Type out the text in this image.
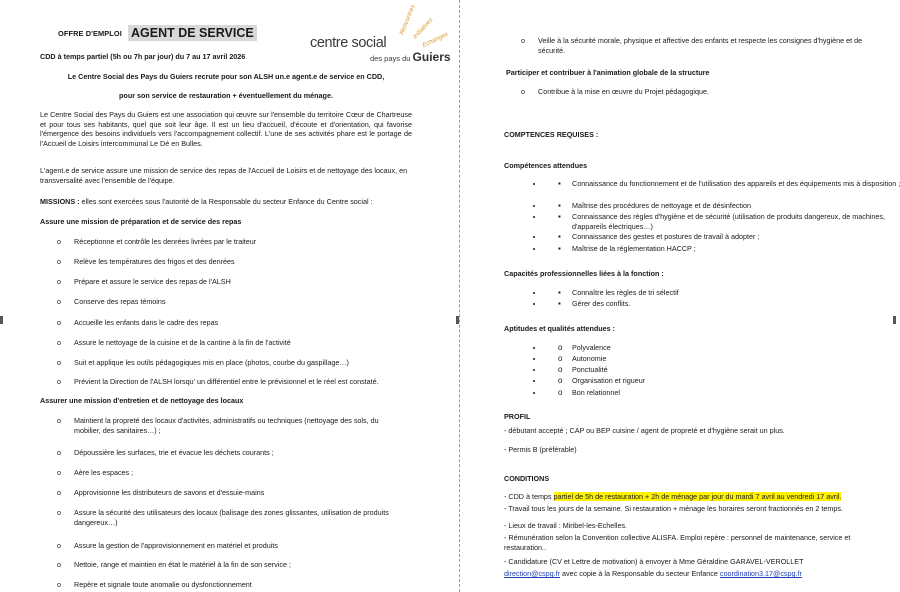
OFFRE D'EMPLOI AGENT DE SERVICE
centre social
des pays du Guiers
Rencontres
Initiatives
Échanges

CDD à temps partiel (5h ou 7h par jour) du 7 au 17 avril 2026

Le Centre Social des Pays du Guiers recrute pour son ALSH un.e agent.e de service en CDD,

pour son service de restauration + éventuellement du ménage.

Le Centre Social des Pays du Guiers est une association qui œuvre sur l'ensemble du territoire Cœur de Chartreuse et pour tous ses habitants, quel que soit leur âge. Il est un lieu d'accueil, d'écoute et d'orientation, qui favorise l'émergence des besoins individuels vers l'accompagnement collectif. L'une de ses activités phare est le portage de l'Accueil de Loisirs intercommunal Le Dé en Bulles.

L'agent.e de service assure une mission de service des repas de l'Accueil de Loisirs et de nettoyage des locaux, en transversalité avec l'ensemble de l'équipe.

MISSIONS : elles sont exercées sous l'autorité de la Responsable du secteur Enfance du Centre social :

Assure une mission de préparation et de service des repas

o Réceptionne et contrôle les denrées livrées par le traiteur
o Relève les températures des frigos et des denrées
o Prépare et assure le service des repas de l'ALSH
o Conserve des repas témoins
o Accueille les enfants dans le cadre des repas
o Assure le nettoyage de la cuisine et de la cantine à la fin de l'activité
o Suit et applique les outils pédagogiques mis en place (photos, courbe du gaspillage…)
o Prévient la Direction de l'ALSH lorsqu' un différentiel entre le prévisionnel et le réel est constaté.

Assurer une mission d'entretien et de nettoyage des locaux

o Maintient la propreté des locaux d'activités, administratifs ou techniques (nettoyage des sols, du mobilier, des sanitaires…) ;
o Dépoussière les surfaces, trie et évacue les déchets courants ;
o Aère les espaces ;
o Approvisionne les distributeurs de savons et d'essuie-mains
o Assure la sécurité des utilisateurs des locaux (balisage des zones glissantes, utilisation de produits dangereux…)
o Assure la gestion de l'approvisionnement en matériel et produits
o Nettoie, range et maintien en état le matériel à la fin de son service ;
o Repère et signale toute anomalie ou dysfonctionnement
o Veille à la sécurité morale, physique et affective des enfants et respecte les consignes d'hygiène et de sécurité.

Participer et contribuer à l'animation globale de la structure

o Contribue à la mise en œuvre du Projet pédagogique.

COMPTENCES REQUISES :

Compétences attendues

• ▪ Connaissance du fonctionnement et de l'utilisation des appareils et des équipements mis à disposition ;
• ▪ Maîtrise des procédures de nettoyage et de désinfection
• ▪ Connaissance des règles d'hygiène et de sécurité (utilisation de produits dangereux, de machines, d'appareils électriques…)
• ▪ Connaissance des gestes et postures de travail à adopter ;
• ▪ Maîtrise de la réglementation HACCP ;

Capacités professionnelles liées à la fonction :

• ▪ Connaître les règles de tri sélectif
• ▪ Gérer des conflits.

Aptitudes et qualités attendues :

• o Polyvalence
• o Autonomie
• o Ponctualité
• o Organisation et rigueur
• o Bon relationnel

PROFIL

- débutant accepté ; CAP ou BEP cuisine / agent de propreté et d'hygiène serait un plus.

- Permis B (préférable)

CONDITIONS

- CDD à temps partiel de 5h de restauration + 2h de ménage par jour du mardi 7 avril au vendredi 17 avril.

- Travail tous les jours de la semaine. Si restauration + ménage les horaires seront fractionnés en 2 temps.

- Lieux de travail : Miribel-les-Echelles.

- Rémunération selon la Convention collective ALISFA. Emploi repère : personnel de maintenance, service et restauration..

- Candidature (CV et Lettre de motivation) à envoyer à Mme Géraldine GARAVEL-VEROLLET

direction@cspg.fr avec copie à la Responsable du secteur Enfance coordination3.17@cspg.fr
